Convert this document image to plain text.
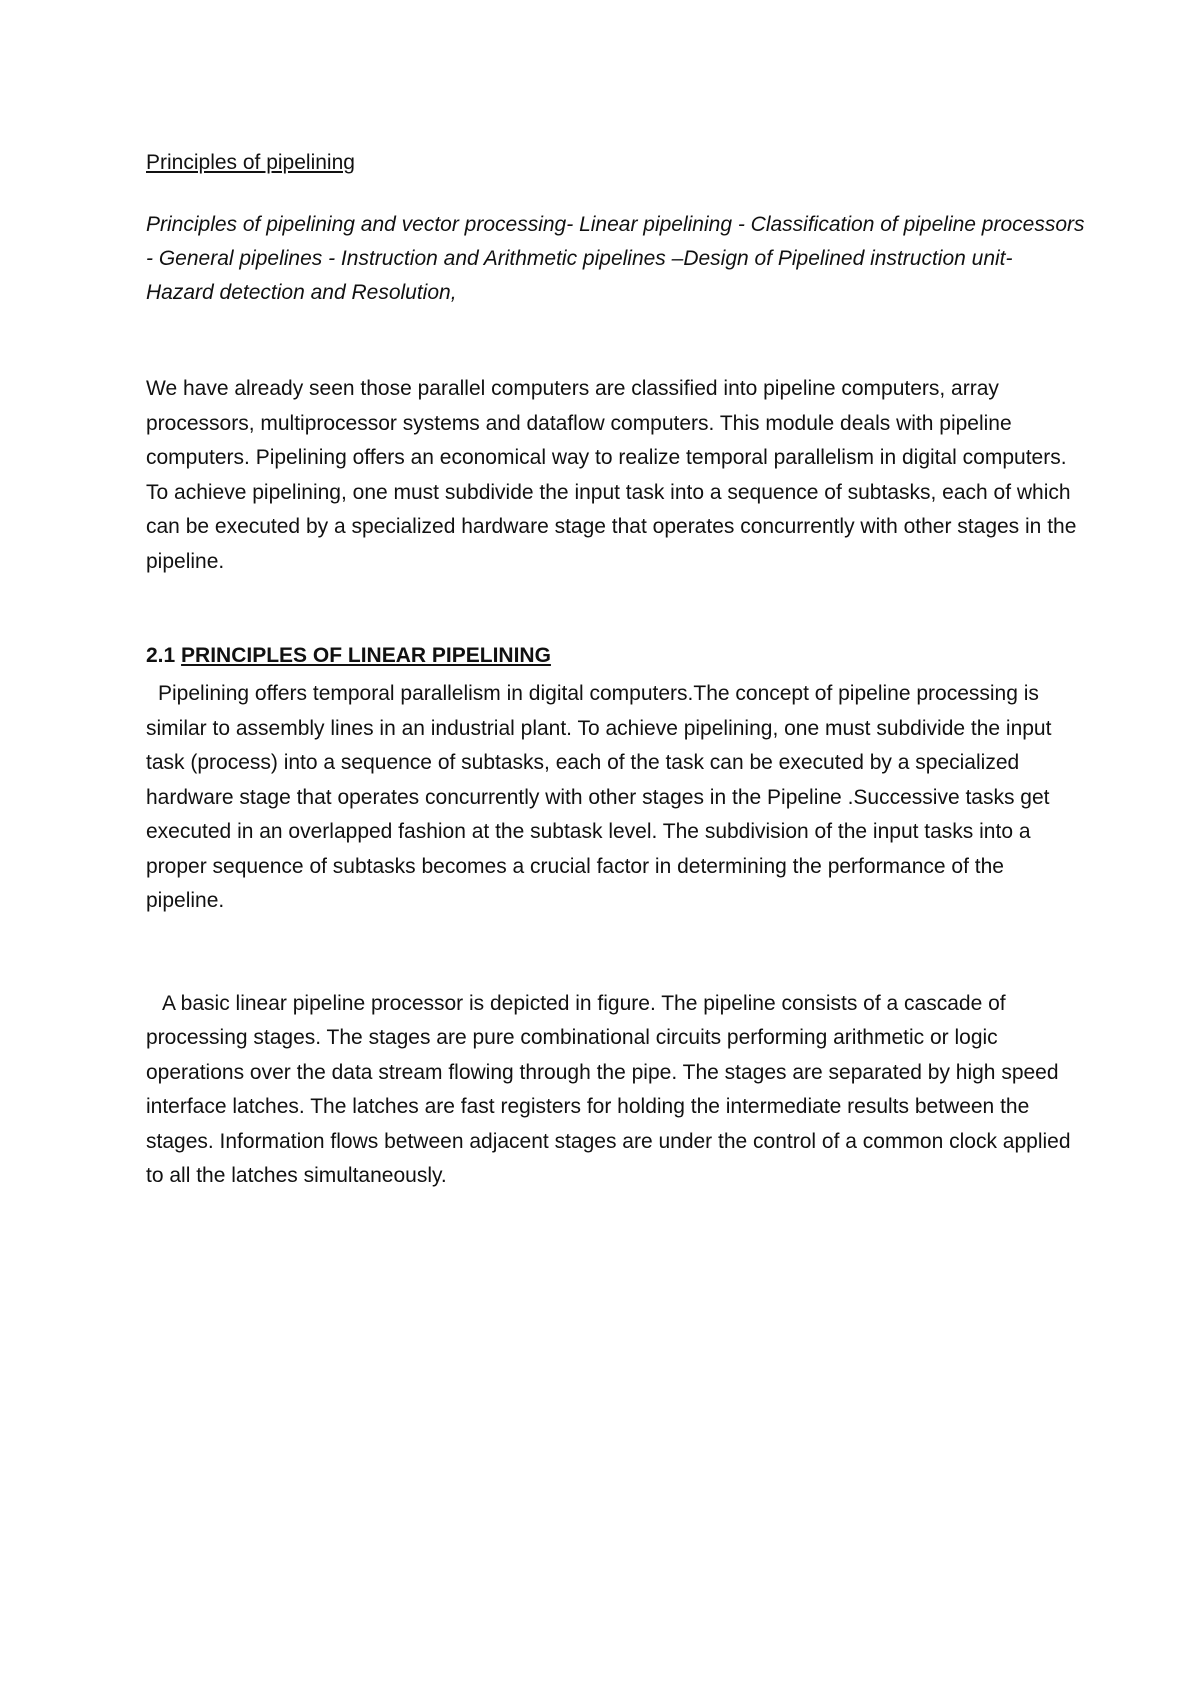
Principles of pipelining

Principles of pipelining and vector processing- Linear pipelining - Classification of pipeline processors - General pipelines - Instruction and Arithmetic pipelines –Design of Pipelined instruction unit- Hazard detection and Resolution,

We have already seen those parallel computers are classified into pipeline computers, array processors, multiprocessor systems and dataflow computers. This module deals with pipeline computers. Pipelining offers an economical way to realize temporal parallelism in digital computers. To achieve pipelining, one must subdivide the input task into a sequence of subtasks, each of which can be executed by a specialized hardware stage that operates concurrently with other stages in the pipeline.

2.1 PRINCIPLES OF LINEAR PIPELINING

Pipelining offers temporal parallelism in digital computers.The concept of pipeline processing is similar to assembly lines in an industrial plant. To achieve pipelining, one must subdivide the input task (process) into a sequence of subtasks, each of the task can be executed by a specialized hardware stage that operates concurrently with other stages in the Pipeline .Successive tasks get executed in an overlapped fashion at the subtask level. The subdivision of the input tasks into a proper sequence of subtasks becomes a crucial factor in determining the performance of the pipeline.

A basic linear pipeline processor is depicted in figure. The pipeline consists of a cascade of processing stages. The stages are pure combinational circuits performing arithmetic or logic operations over the data stream flowing through the pipe. The stages are separated by high speed interface latches. The latches are fast registers for holding the intermediate results between the stages. Information flows between adjacent stages are under the control of a common clock applied to all the latches simultaneously.
